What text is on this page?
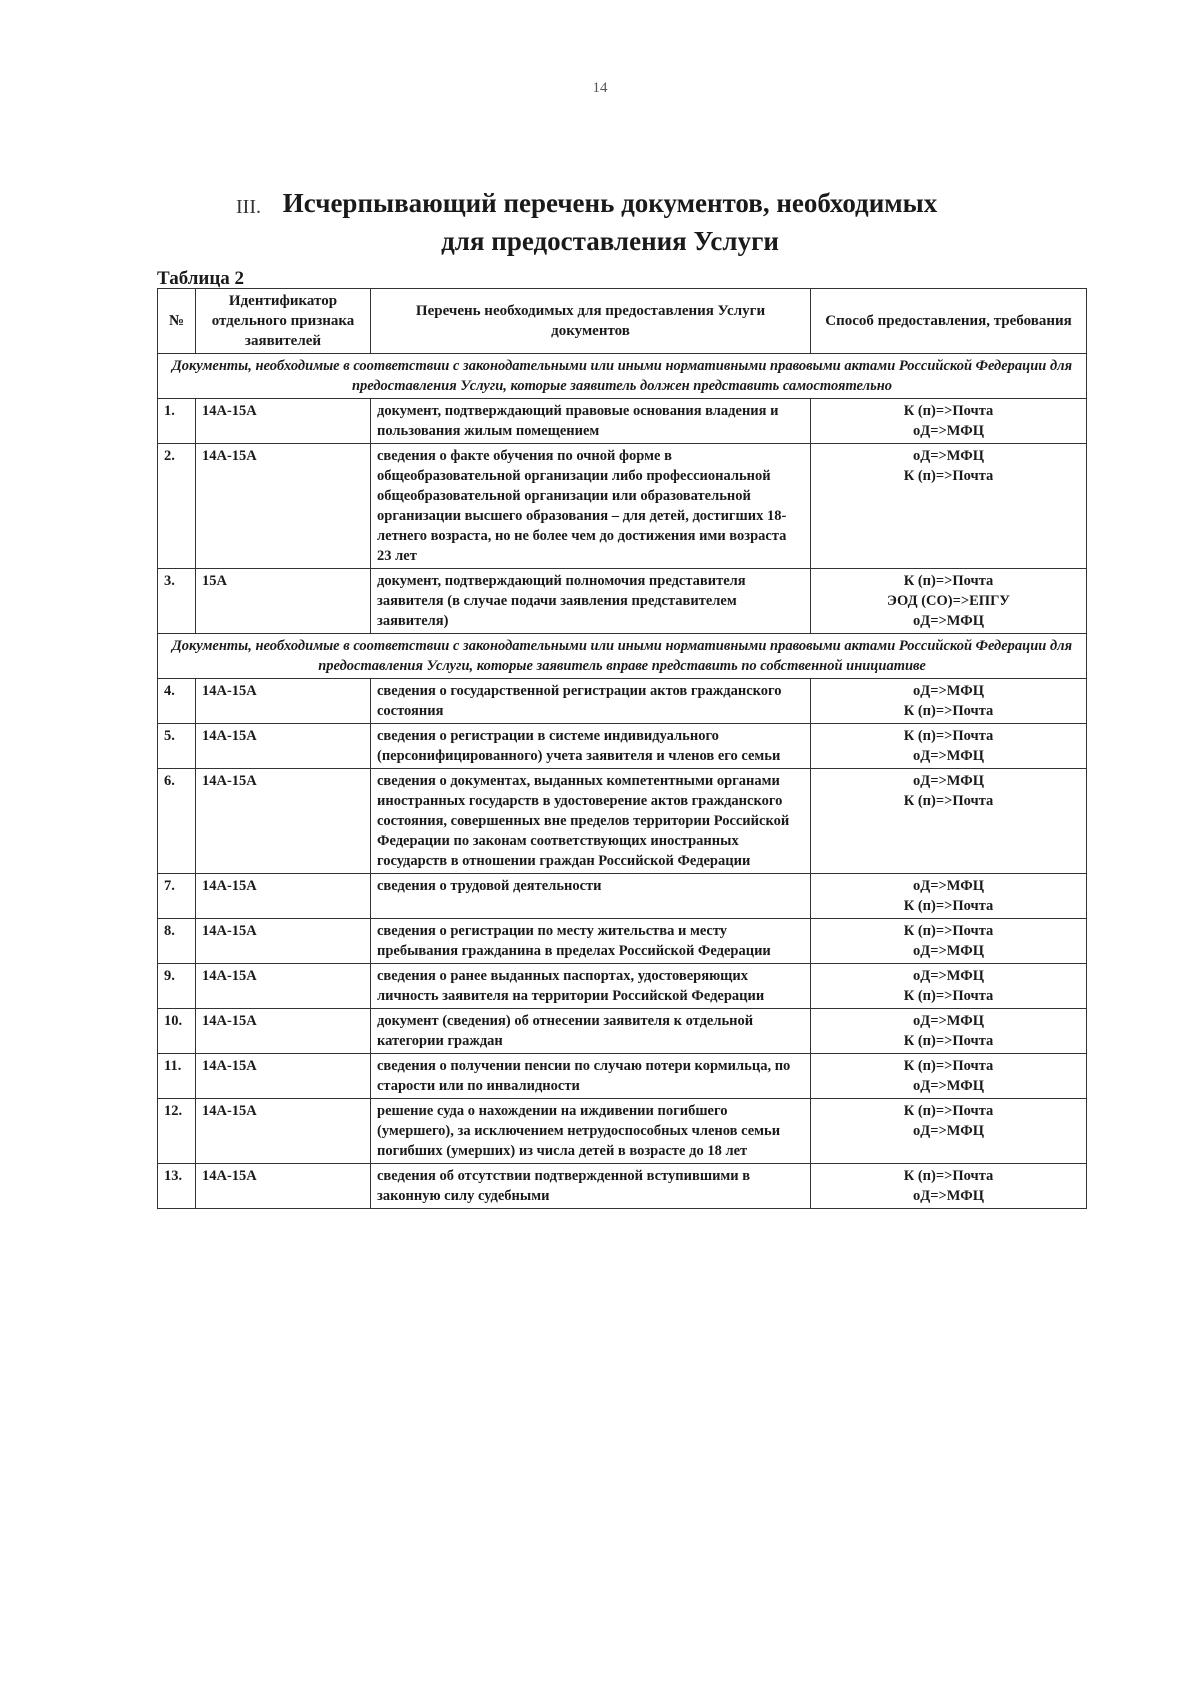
14
III. Исчерпывающий перечень документов, необходимых
для предоставления Услуги
Таблица 2
№	Идентификатор отдельного признака заявителей	Перечень необходимых для предоставления Услуги документов	Способ предоставления, требования
Документы, необходимые в соответствии с законодательными или иными нормативными правовыми актами Российской Федерации для предоставления Услуги, которые заявитель должен представить самостоятельно			
1.	14А-15А	документ, подтверждающий правовые основания владения и пользования жилым помещением	К (п)=>Почта
оД=>МФЦ

2.	14А-15А	сведения о факте обучения по очной форме в общеобразовательной организации либо профессиональной общеобразовательной организации или образовательной организации высшего образования – для детей, достигших 18-летнего возраста, но не более чем до достижения ими возраста 23 лет	оД=>МФЦ
К (п)=>Почта

3.	15А	документ, подтверждающий полномочия представителя заявителя (в случае подачи заявления представителем заявителя)	К (п)=>Почта
ЭОД (СО)=>ЕПГУ
оД=>МФЦ

Документы, необходимые в соответствии с законодательными или иными нормативными правовыми актами Российской Федерации для предоставления Услуги, которые заявитель вправе представить по собственной инициативе			
4.	14А-15А	сведения о государственной регистрации актов гражданского состояния	оД=>МФЦ
К (п)=>Почта

5.	14А-15А	сведения о регистрации в системе индивидуального (персонифицированного) учета заявителя и членов его семьи	К (п)=>Почта
оД=>МФЦ

6.	14А-15А	сведения о документах, выданных компетентными органами иностранных государств в удостоверение актов гражданского состояния, совершенных вне пределов территории Российской Федерации по законам соответствующих иностранных государств в отношении граждан Российской Федерации	оД=>МФЦ
К (п)=>Почта

7.	14А-15А	сведения о трудовой деятельности	оД=>МФЦ
К (п)=>Почта

8.	14А-15А	сведения о регистрации по месту жительства и месту пребывания гражданина в пределах Российской Федерации	К (п)=>Почта
оД=>МФЦ

9.	14А-15А	сведения о ранее выданных паспортах, удостоверяющих личность заявителя на территории Российской Федерации	оД=>МФЦ
К (п)=>Почта

10.	14А-15А	документ (сведения) об отнесении заявителя к отдельной категории граждан	оД=>МФЦ
К (п)=>Почта

11.	14А-15А	сведения о получении пенсии по случаю потери кормильца, по старости или по инвалидности	К (п)=>Почта
оД=>МФЦ

12.	14А-15А	решение суда о нахождении на иждивении погибшего (умершего), за исключением нетрудоспособных членов семьи погибших (умерших) из числа детей в возрасте до 18 лет	К (п)=>Почта
оД=>МФЦ

13.	14А-15А	сведения об отсутствии подтвержденной вступившими в законную силу судебными	К (п)=>Почта
оД=>МФЦ
